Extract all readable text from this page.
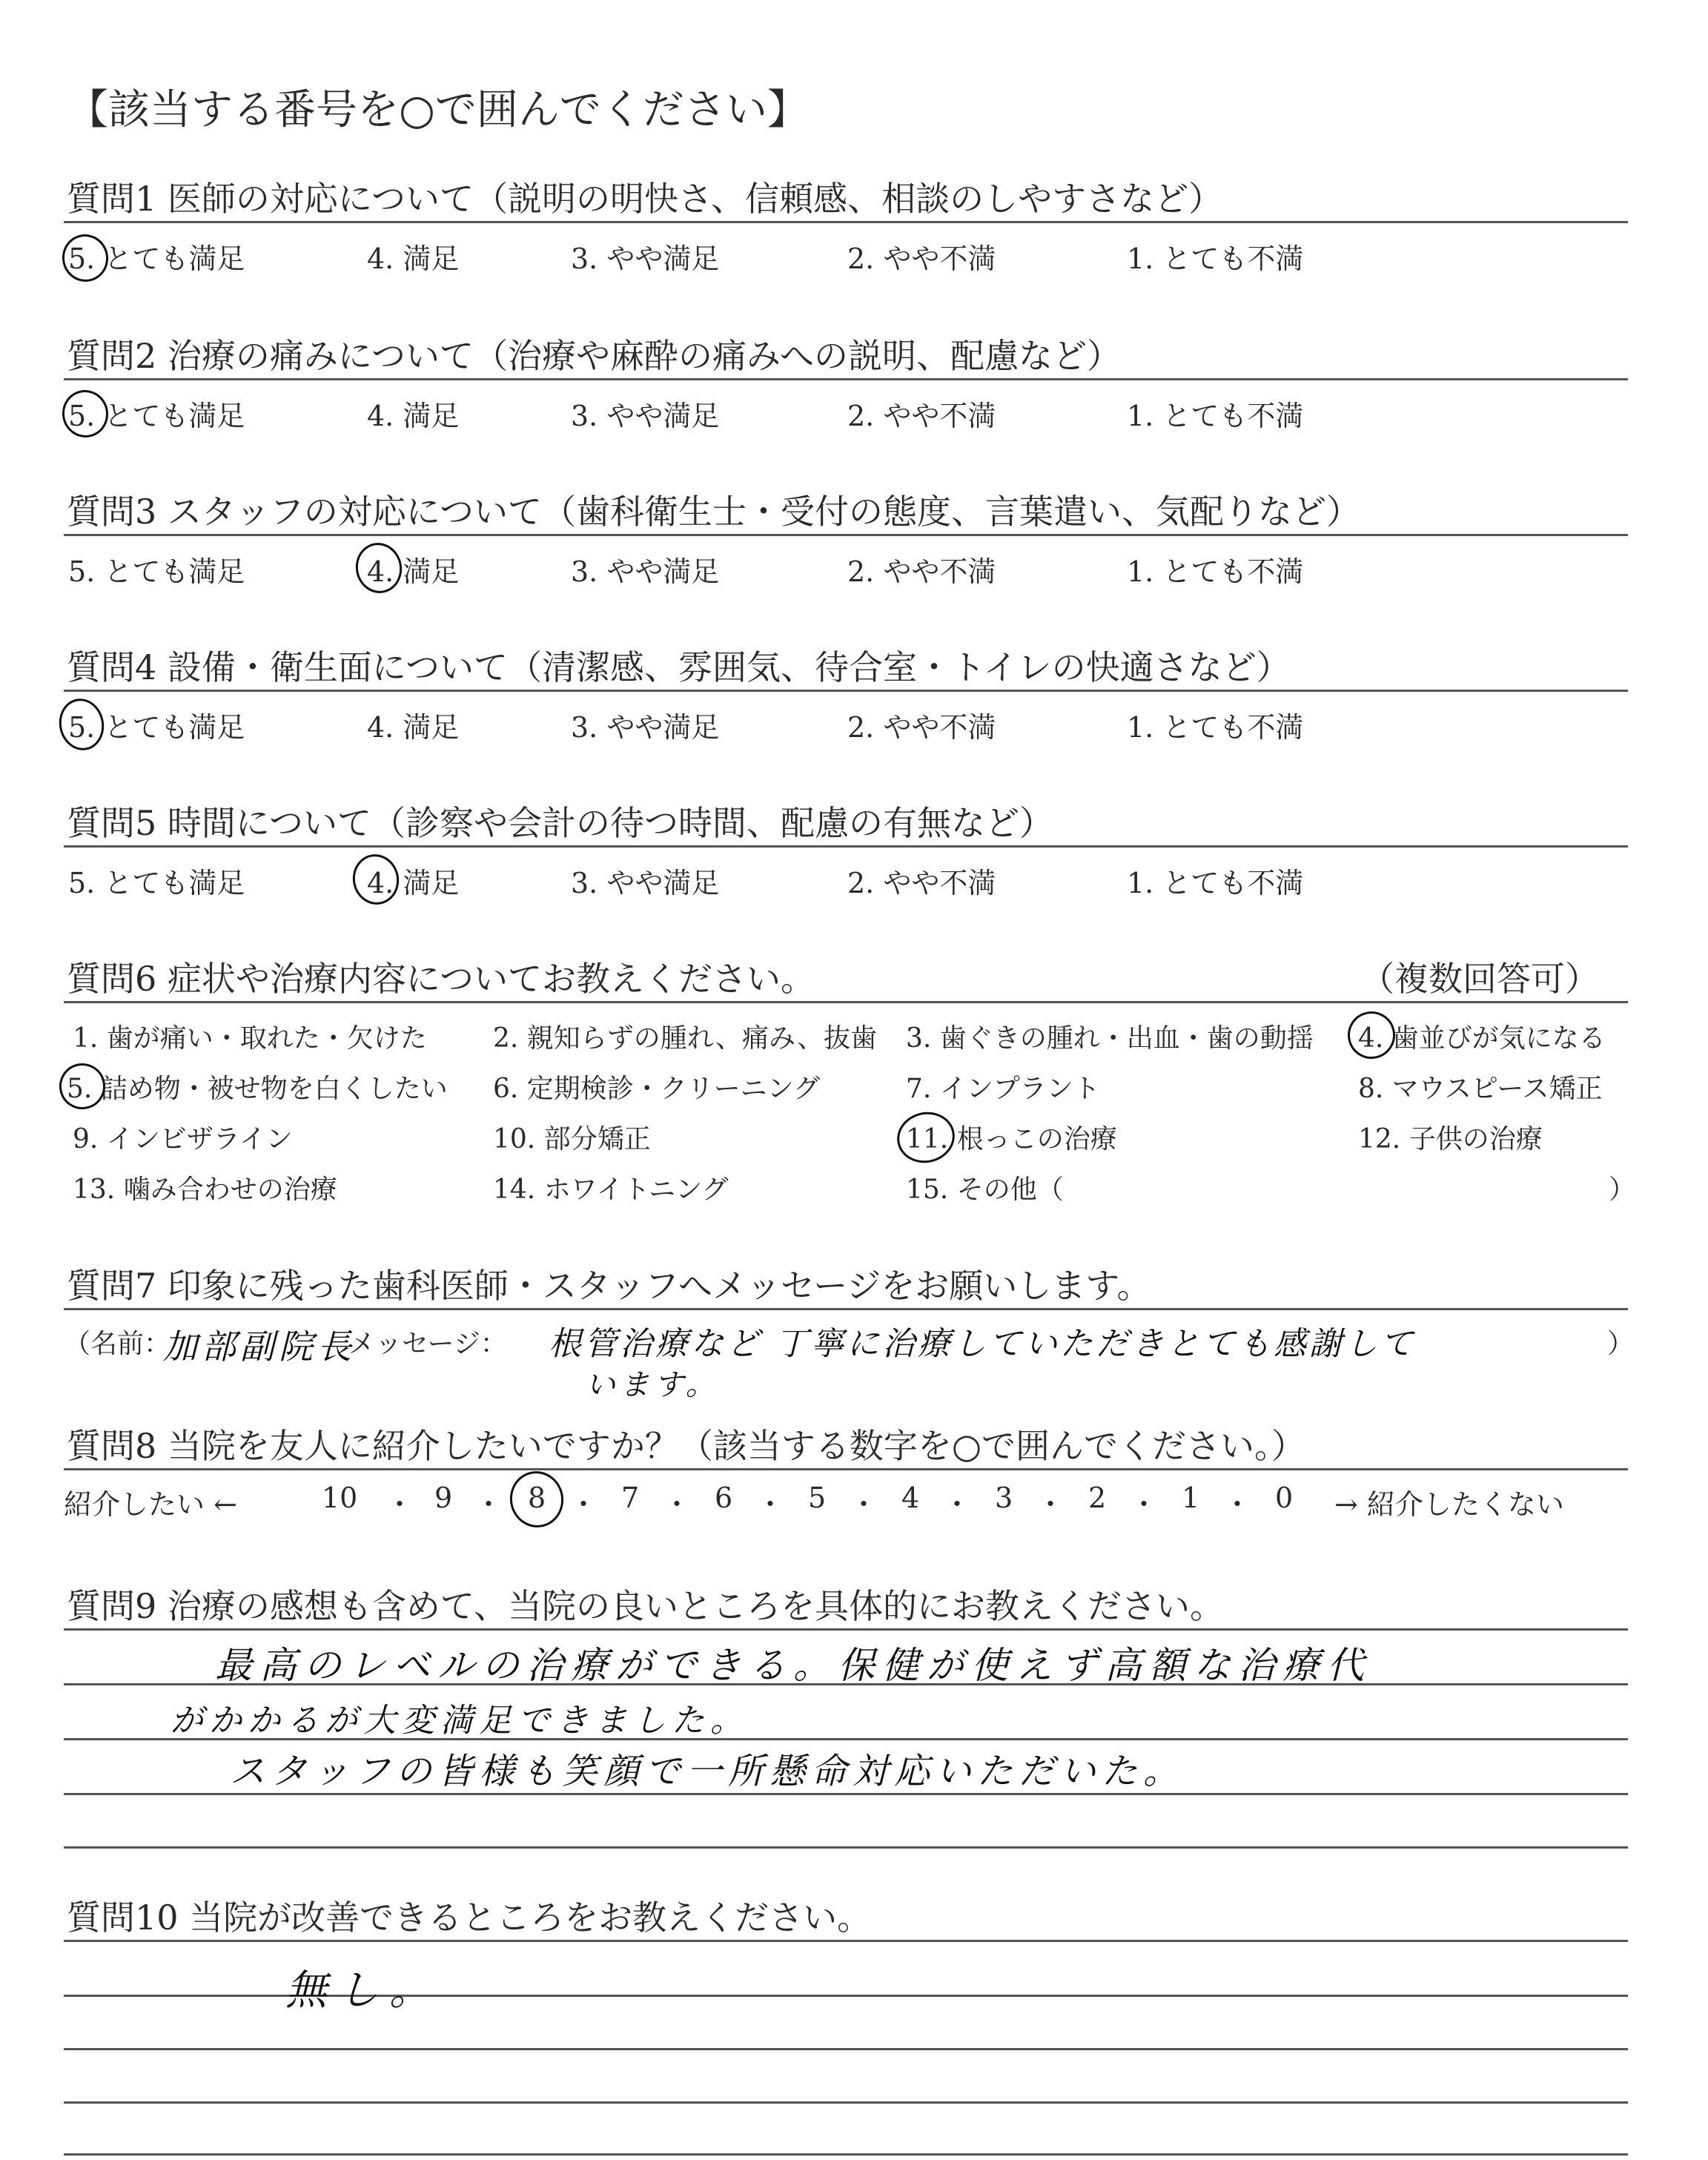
【該当する番号を○で囲んでください】
質問1 医師の対応について（説明の明快さ、信頼感、相談のしやすさなど）
5. とても満足	4. 満足	3. やや満足	2. やや不満	1. とても不満
質問2 治療の痛みについて（治療や麻酔の痛みへの説明、配慮など）
5. とても満足	4. 満足	3. やや満足	2. やや不満	1. とても不満
質問3 スタッフの対応について（歯科衛生士・受付の態度、言葉遣い、気配りなど）
5. とても満足	4. 満足	3. やや満足	2. やや不満	1. とても不満
質問4 設備・衛生面について（清潔感、雰囲気、待合室・トイレの快適さなど）
5. とても満足	4. 満足	3. やや満足	2. やや不満	1. とても不満
質問5 時間について（診察や会計の待つ時間、配慮の有無など）
5. とても満足	4. 満足	3. やや満足	2. やや不満	1. とても不満
質問6 症状や治療内容についてお教えください。	（複数回答可）
1. 歯が痛い・取れた・欠けた 2. 親知らずの腫れ、痛み、抜歯 3. 歯ぐきの腫れ・出血・歯の動揺 4. 歯並びが気になる
5. 詰め物・被せ物を白くしたい 6. 定期検診・クリーニング	7. インプラント	8. マウスピース矯正
9. インビザライン	10. 部分矯正	11. 根っこの治療	12. 子供の治療
13. 噛み合わせの治療	14. ホワイトニング	15. その他（	）
質問7 印象に残った歯科医師・スタッフへメッセージをお願いします。
（名前：
加部副院長
メッセージ： 根管治療など 丁寧に治療していただきとても感謝して
います。
）
質問8 当院を友人に紹介したいですか？（該当する数字を○で囲んでください。）
紹介したい ←	10 ・ 9 ・ 8 ・ 7 ・ 6 ・ 5 ・ 4 ・ 3 ・ 2 ・ 1 ・ 0 → 紹介したくない
質問9 治療の感想も含めて、当院の良いところを具体的にお教えください。
最高のレベルの治療ができる。保健が使えず高額な治療代
がかかるが大変満足できました。
スタッフの皆様も笑顔で一所懸命対応いただいた。
質問10 当院が改善できるところをお教えください。
無し。
